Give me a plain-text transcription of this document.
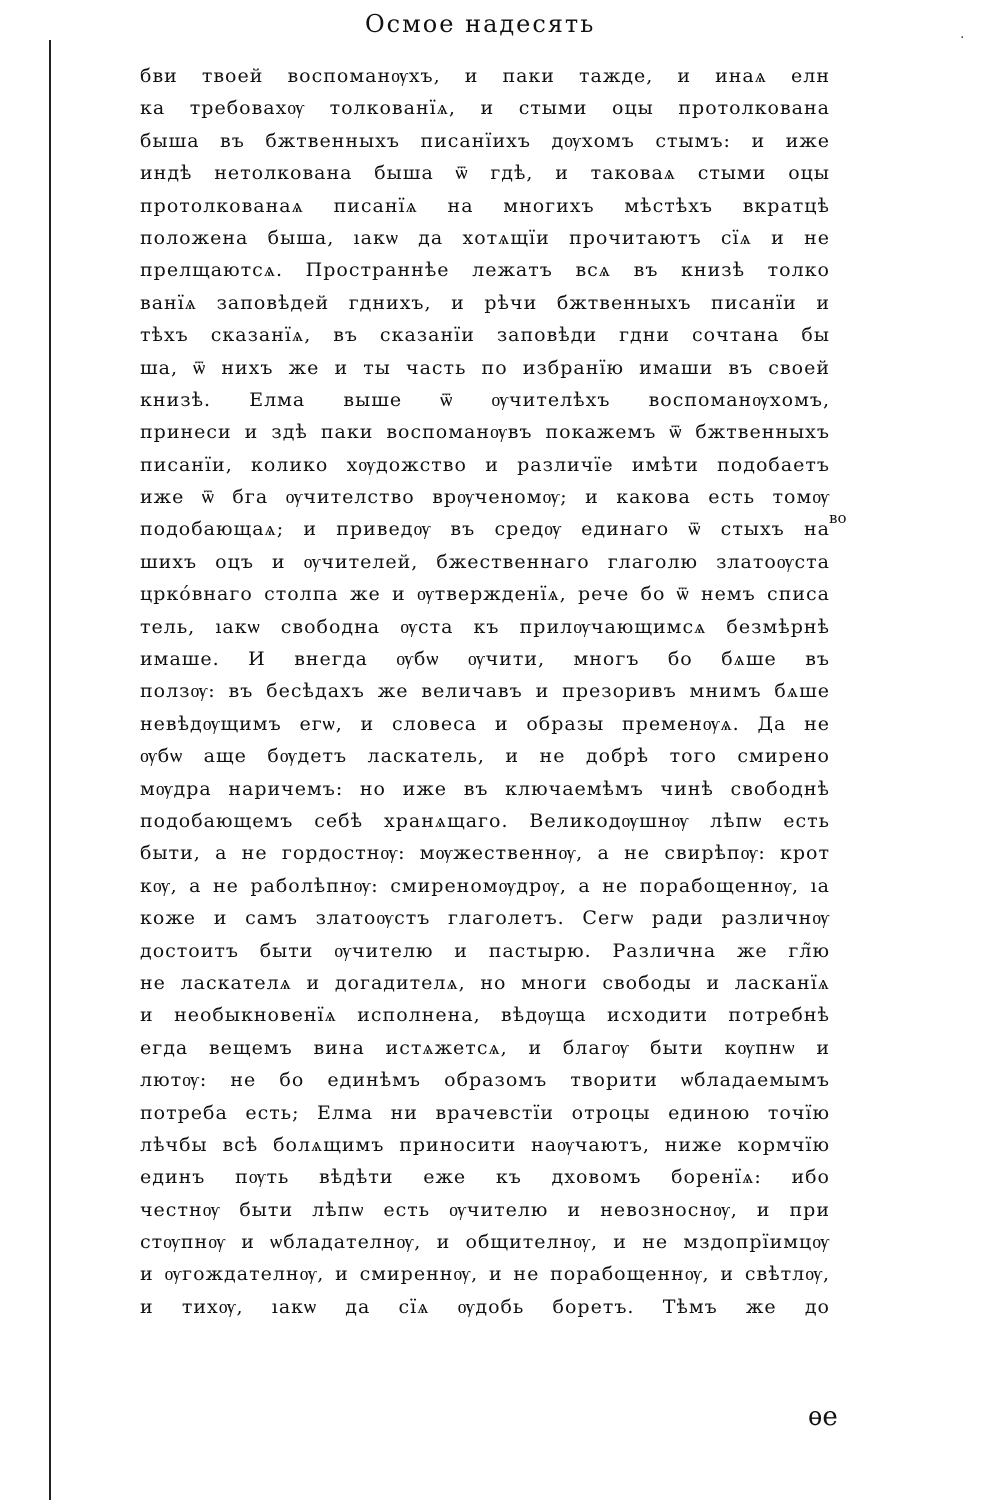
·
Осмое надесять
бви твоей воспоманѹхъ, и паки тажде, и инаѧ елн
ка требовахѹ толкованїѧ, и стыми оцы протолкована
быша въ бжтвенныхъ писанїихъ дѹхомъ стымъ: и иже
индѣ нетолкована быша ѿ гдѣ, и таковаѧ стыми оцы
протолкованаѧ писанїѧ на многихъ мѣстѣхъ вкратцѣ
положена быша, ıакѡ да хотѧщїи прочитаютъ сїѧ и не
прелщаютсѧ. Пространнѣе лежатъ всѧ въ книзѣ толко
ванїѧ заповѣдей гднихъ, и рѣчи бжтвенныхъ писанїи и
тѣхъ сказанїѧ, въ сказанїи заповѣди гдни сочтана бы
ша, ѿ нихъ же и ты часть по избранїю имаши въ своей
книзѣ. Елма выше ѿ ѹчителѣхъ воспоманѹхомъ,
принеси и здѣ паки воспоманѹвъ покажемъ ѿ бжтвенныхъ
писанїи, колико хѹдожство и различїе имѣти подобаетъ
иже ѿ бга ѹчителство врѹченомѹ; и какова есть томѹ
подобающаѧ; и приведѹ въ средѹ единаго ѿ стыхъ на
шихъ оцъ и ѹчителей, бжественнаго глаголю златоѹста
цркόвнаго столпа же и ѹтвержденїѧ, рече бо ѿ немъ списа
тель, ıакѡ свободна ѹста къ прилѹчающимсѧ безмѣрнѣ
имаше. И внегда ѹбѡ ѹчити, многъ бо бѧше въ
ползѹ: въ бесѣдахъ же величавъ и презоривъ мнимъ бѧше
невѣдѹщимъ егѡ, и словеса и образы пременѹѧ. Да не
ѹбѡ аще бѹдетъ ласкатель, и не добрѣ того смирено
мѹдра наричемъ: но иже въ ключаемѣмъ чинѣ свободнѣ
подобающемъ себѣ хранѧщаго. Великодѹшнѹ лѣпѡ есть
быти, а не гордостнѹ: мѹжественнѹ, а не свирѣпѹ: крот
кѹ, а не раболѣпнѹ: смиреномѹдрѹ, а не порабощеннѹ, ıа
коже и самъ златоѹстъ глаголетъ. Сегѡ ради различнѹ
достоитъ быти ѹчителю и пастырю. Различна же гл̃ю
не ласкателѧ и догадителѧ, но многи свободы и ласканїѧ
и необыкновенїѧ исполнена, вѣдѹща исходити потребнѣ
егда вещемъ вина истѧжетсѧ, и благѹ быти кѹпнѡ и
лютѹ: не бо единѣмъ образомъ творити ѡбладаемымъ
потреба есть; Елма ни врачевстїи отроцы единою точїю
лѣчбы всѣ болѧщимъ приносити наѹчаютъ, ниже кормчїю
единъ пѹть вѣдѣти еже къ дховомъ боренїѧ: ибо
честнѹ быти лѣпѡ есть ѹчителю и невознοснѹ, и при
стѹпнѹ и ѡбладателнѹ, и общителнѹ, и не мздопрїимцѹ
и ѹгождателнѹ, и смиреннѹ, и не порабощеннѹ, и свѣтлѹ,
и тихѹ, ıакѡ да сїѧ ѹдобь боретъ. Тѣмъ же до
во
ѳе
